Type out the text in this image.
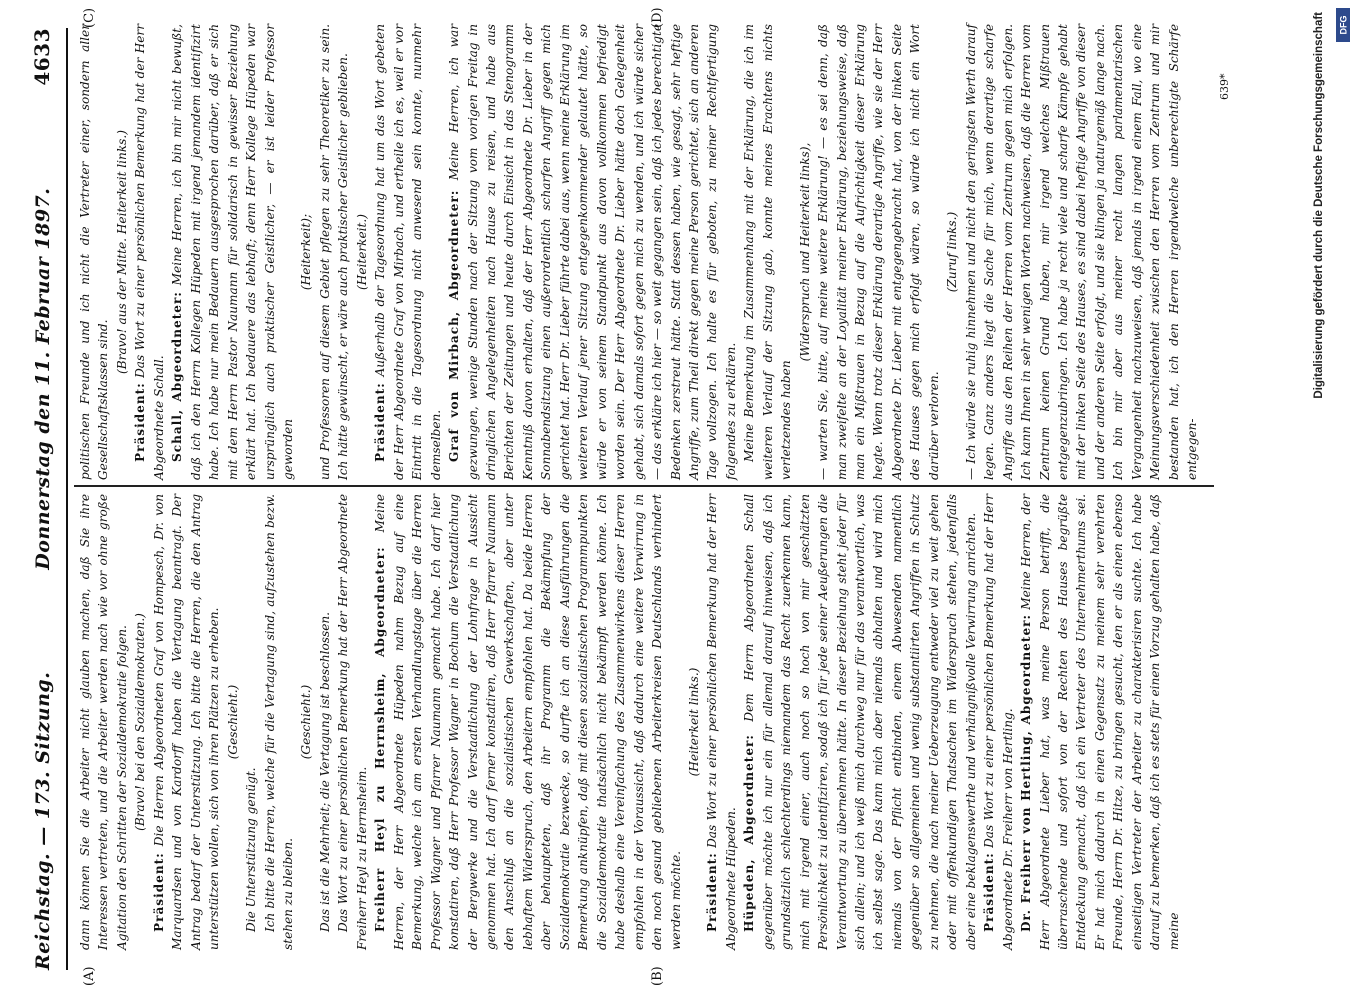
Reichstag. — 173. Sitzung.
Donnerstag den 11. Februar 1897.
4633
(A)	(B)
(C)	(D)

dann können Sie die Arbeiter nicht glauben machen, daß Sie ihre Interessen vertreten, und die Arbeiter werden nach wie vor ohne große Agitation den Schritten der Sozialdemokratie folgen. (Bravo! bei den Sozialdemokraten.)

Präsident: Die Herren Abgeordneten Graf von Hompesch, Dr. von Marquardsen und von Kardorff haben die Vertagung beantragt. Der Antrag bedarf der Unterstützung. Ich bitte die Herren, die den Antrag unterstützen wollen, sich von ihren Plätzen zu erheben. (Geschieht.)

Die Unterstützung genügt. Ich bitte die Herren, welche für die Vertagung sind, aufzustehen bezw. stehen zu bleiben.

(Geschieht.) Das ist die Mehrheit; die Vertagung ist beschlossen. Das Wort zu einer persönlichen Bemerkung hat der Herr Abgeordnete Freiherr Heyl zu Herrnsheim. Freiherr Heyl zu Herrnsheim, Abgeordneter: Meine Herren, der Herr Abgeordnete Hüpeden nahm Bezug auf eine Bemerkung, welche ich am ersten Verhandlungstage über die Herren Professor Wagner und Pfarrer Naumann gemacht habe. Ich darf hier konstatiren, daß Herr Professor Wagner in Bochum die Verstaatlichung der Bergwerke und die Verstaatlichung der Lohnfrage in Aussicht genommen hat. Ich darf ferner konstatiren, daß Herr Pfarrer Naumann den Anschluß an die sozialistischen Gewerkschaften, aber unter lebhaftem Widerspruch, den Arbeitern empfohlen hat. Da beide Herren aber behaupteten, daß ihr Programm die Bekämpfung der Sozialdemokratie bezwecke, so durfte ich an diese Ausführungen die Bemerkung anknüpfen, daß mit diesen sozialistischen Programmpunkten die Sozialdemokratie thatsächlich nicht bekämpft werden könne. Ich habe deshalb eine Vereinfachung des Zusammenwirkens dieser Herren empfohlen in der Voraussicht, daß dadurch eine weitere Verwirrung in den noch gesund gebliebenen Arbeiterkreisen Deutschlands verhindert werden möchte.

(Heiterkeit links.)

Präsident: Das Wort zu einer persönlichen Bemerkung hat der Herr Abgeordnete Hüpeden. Hüpeden, Abgeordneter: Dem Herrn Abgeordneten Schall gegenüber möchte ich nur ein für allemal darauf hinweisen, daß ich grundsätzlich schlechterdings niemandem das Recht zuerkennen kann, mich mit irgend einer, auch noch so hoch von mir geschätzten Persönlichkeit zu identifiziren, sodaß ich für jede seiner Aeußerungen die Verantwortung zu übernehmen hätte. In dieser Beziehung steht jeder für sich allein; und ich weiß mich durchweg nur für das verantwortlich, was ich selbst sage. Das kann mich aber niemals abhalten und wird mich niemals von der Pflicht entbinden, einem Abwesenden namentlich gegenüber so allgemeinen und wenig substantiirten Angriffen in Schutz zu nehmen, die nach meiner Ueberzeugung entweder viel zu weit gehen oder mit offenkundigen Thatsachen im Widerspruch stehen, jedenfalls aber eine beklagenswerthe und verhängnißvolle Verwirrung anrichten. Präsident: Das Wort zu einer persönlichen Bemerkung hat der Herr Abgeordnete Dr. Freiherr von Hertling. Dr. Freiherr von Hertling, Abgeordneter: Meine Herren, der Herr Abgeordnete Lieber hat, was meine Person betrifft, die überraschende und sofort von der Rechten des Hauses begrüßte Entdeckung gemacht, daß ich ein Vertreter des Unternehmerthums sei. Er hat mich dadurch in einen Gegensatz zu meinem sehr verehrten Freunde, Herrn Dr. Hitze, zu bringen gesucht, den er als einen ebenso einseitigen Vertreter der Arbeiter zu charakterisiren suchte. Ich habe darauf zu bemerken, daß ich es stets für einen Vorzug gehalten habe, daß meine

politischen Freunde und ich nicht die Vertreter einer, sondern aller Gesellschaftsklassen sind.

(Bravo! aus der Mitte. Heiterkeit links.)

Präsident: Das Wort zu einer persönlichen Bemerkung hat der Herr Abgeordnete Schall. Schall, Abgeordneter: Meine Herren, ich bin mir nicht bewußt, daß ich den Herrn Kollegen Hüpeden mit irgend jemandem identifizirt habe. Ich habe nur mein Bedauern ausgesprochen darüber, daß er sich mit dem Herrn Pastor Naumann für solidarisch in gewisser Beziehung erklärt hat. Ich bedauere das lebhaft; denn Herr Kollege Hüpeden war ursprünglich auch praktischer Geistlicher, — er ist leider Professor geworden

(Heiterkeit); und Professoren auf diesem Gebiet pflegen zu sehr Theoretiker zu sein. Ich hätte gewünscht, er wäre auch praktischer Geistlicher geblieben. (Heiterkeit.)

Präsident: Außerhalb der Tagesordnung hat um das Wort gebeten der Herr Abgeordnete Graf von Mirbach, und ertheile ich es, weil er vor Eintritt in die Tagesordnung nicht anwesend sein konnte, nunmehr demselben. Graf von Mirbach, Abgeordneter: Meine Herren, ich war gezwungen, wenige Stunden nach der Sitzung vom vorigen Freitag in dringlichen Angelegenheiten nach Hause zu reisen, und habe aus Berichten der Zeitungen und heute durch Einsicht in das Stenogramm Kenntniß davon erhalten, daß der Herr Abgeordnete Dr. Lieber in der Sonnabendsitzung einen außerordentlich scharfen Angriff gegen mich gerichtet hat. Herr Dr. Lieber führte dabei aus, wenn meine Erklärung im weiteren Verlauf jener Sitzung entgegenkommender gelautet hätte, so würde er von seinem Standpunkt aus davon vollkommen befriedigt worden sein. Der Herr Abgeordnete Dr. Lieber hätte doch Gelegenheit gehabt, sich damals sofort gegen mich zu wenden, und ich würde sicher — das erkläre ich hier — so weit gegangen sein, daß ich jedes berechtigte Bedenken zerstreut hätte. Statt dessen haben, wie gesagt, sehr heftige Angriffe, zum Theil direkt gegen meine Person gerichtet, sich an anderen Tage vollzogen. Ich halte es für geboten, zu meiner Rechtfertigung folgendes zu erklären. Meine Bemerkung im Zusammenhang mit der Erklärung, die ich im weiteren Verlauf der Sitzung gab, konnte meines Erachtens nichts verletzendes haben

(Widerspruch und Heiterkeit links), — warten Sie, bitte, auf meine weitere Erklärung! — es sei denn, daß man zweifelte an der Loyalität meiner Erklärung, beziehungsweise, daß man ein Mißtrauen in Bezug auf die Aufrichtigkeit dieser Erklärung hegte. Wenn trotz dieser Erklärung derartige Angriffe, wie sie der Herr Abgeordnete Dr. Lieber mit entgegengebracht hat, von der linken Seite des Hauses gegen mich erfolgt wären, so würde ich nicht ein Wort darüber verloren.

(Zuruf links.) — Ich würde sie ruhig hinnehmen und nicht den geringsten Werth darauf legen. Ganz anders liegt die Sache für mich, wenn derartige scharfe Angriffe aus den Reihen der Herren vom Zentrum gegen mich erfolgen. Ich kann Ihnen in sehr wenigen Worten nachweisen, daß die Herren vom Zentrum keinen Grund haben, mir irgend welches Mißtrauen entgegenzubringen. Ich habe ja recht viele und scharfe Kämpfe gehabt mit der linken Seite des Hauses, es sind dabei heftige Angriffe von dieser und der anderen Seite erfolgt, und sie klingen ja naturgemäß lange nach. Ich bin mir aber aus meiner recht langen parlamentarischen Vergangenheit nachzuweisen, daß jemals in irgend einem Fall, wo eine Meinungsverschiedenheit zwischen den Herren vom Zentrum und mir bestanden hat, ich den Herren irgendwelche unberechtigte Schärfe entgegen-

639*	Digitalisierung gefördert durch die Deutsche Forschungsgemeinschaft	DFG
